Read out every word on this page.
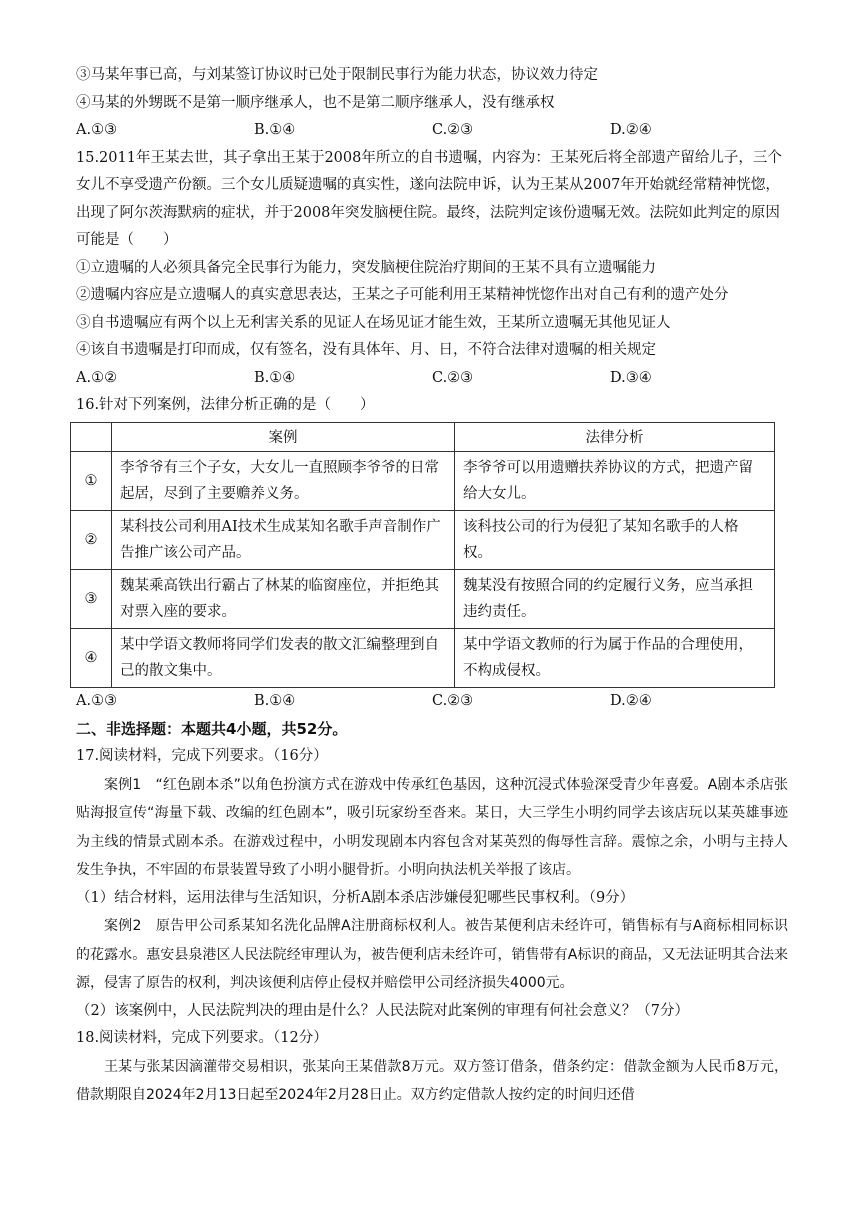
③马某年事已高，与刘某签订协议时已处于限制民事行为能力状态，协议效力待定
④马某的外甥既不是第一顺序继承人，也不是第二顺序继承人，没有继承权
A.①③	B.①④	C.②③	D.②④
15.2011年王某去世，其子拿出王某于2008年所立的自书遗嘱，内容为：王某死后将全部遗产留给儿子，三个女儿不享受遗产份额。三个女儿质疑遗嘱的真实性，遂向法院申诉，认为王某从2007年开始就经常精神恍惚，出现了阿尔茨海默病的症状，并于2008年突发脑梗住院。最终，法院判定该份遗嘱无效。法院如此判定的原因可能是（　　）
①立遗嘱的人必须具备完全民事行为能力，突发脑梗住院治疗期间的王某不具有立遗嘱能力
②遗嘱内容应是立遗嘱人的真实意思表达，王某之子可能利用王某精神恍惚作出对自己有利的遗产处分
③自书遗嘱应有两个以上无利害关系的见证人在场见证才能生效，王某所立遗嘱无其他见证人
④该自书遗嘱是打印而成，仅有签名，没有具体年、月、日，不符合法律对遗嘱的相关规定
A.①②	B.①④	C.②③	D.③④
16.针对下列案例，法律分析正确的是（　　）
	案例	法律分析
①	李爷爷有三个子女，大女儿一直照顾李爷爷的日常起居，尽到了主要赡养义务。	李爷爷可以用遗赠扶养协议的方式，把遗产留给大女儿。
②	某科技公司利用AI技术生成某知名歌手声音制作广告推广该公司产品。	该科技公司的行为侵犯了某知名歌手的人格权。
③	魏某乘高铁出行霸占了林某的临窗座位，并拒绝其对票入座的要求。	魏某没有按照合同的约定履行义务，应当承担违约责任。
④	某中学语文教师将同学们发表的散文汇编整理到自己的散文集中。	某中学语文教师的行为属于作品的合理使用，不构成侵权。
A.①③	B.①④	C.②③	D.②④
二、非选择题：本题共4小题，共52分。
17.阅读材料，完成下列要求。（16分）
案例1　“红色剧本杀”以角色扮演方式在游戏中传承红色基因，这种沉浸式体验深受青少年喜爱。A剧本杀店张贴海报宣传“海量下载、改编的红色剧本”，吸引玩家纷至沓来。某日，大三学生小明约同学去该店玩以某英雄事迹为主线的情景式剧本杀。在游戏过程中，小明发现剧本内容包含对某英烈的侮辱性言辞。震惊之余，小明与主持人发生争执，不牢固的布景装置导致了小明小腿骨折。小明向执法机关举报了该店。
（1）结合材料，运用法律与生活知识，分析A剧本杀店涉嫌侵犯哪些民事权利。（9分）
案例2　原告甲公司系某知名洗化品牌A注册商标权利人。被告某便利店未经许可，销售标有与A商标相同标识的花露水。惠安县泉港区人民法院经审理认为，被告便利店未经许可，销售带有A标识的商品，又无法证明其合法来源，侵害了原告的权利，判决该便利店停止侵权并赔偿甲公司经济损失4000元。
（2）该案例中，人民法院判决的理由是什么？人民法院对此案例的审理有何社会意义？（7分）
18.阅读材料，完成下列要求。（12分）
王某与张某因滴灌带交易相识，张某向王某借款8万元。双方签订借条，借条约定：借款金额为人民币8万元，借款期限自2024年2月13日起至2024年2月28日止。双方约定借款人按约定的时间归还借
